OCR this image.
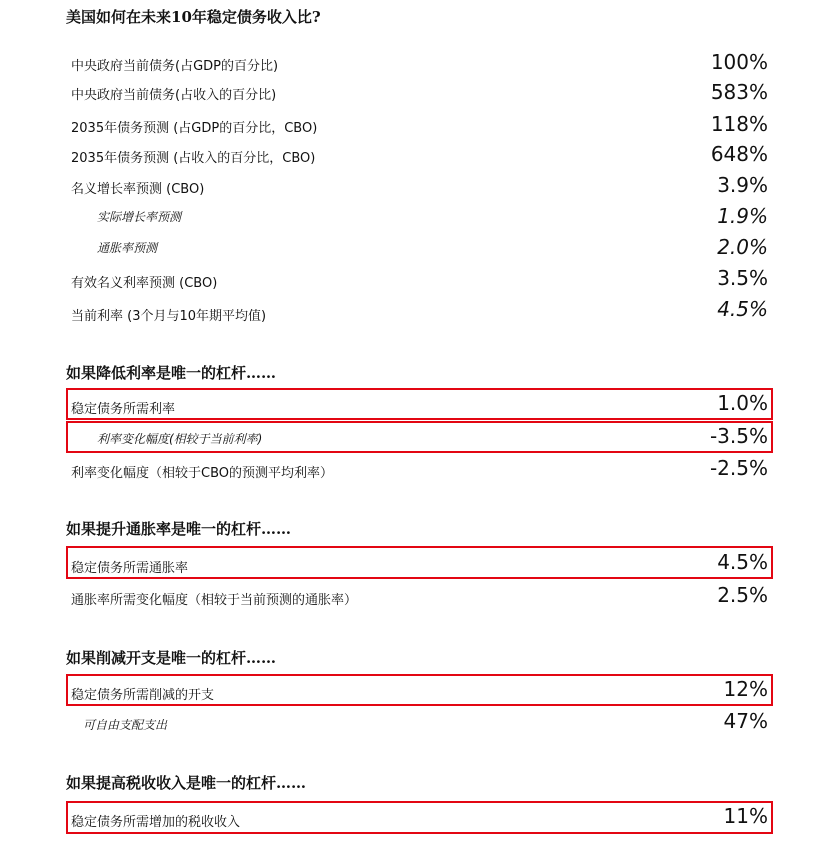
美国如何在未来10年稳定债务收入比?
中央政府当前债务(占GDP的百分比)	100%
中央政府当前债务(占收入的百分比)	583%
2035年债务预测 (占GDP的百分比，CBO)	118%
2035年债务预测 (占收入的百分比，CBO)	648%
名义增长率预测 (CBO)	3.9%
实际增长率预测	1.9%
通胀率预测	2.0%
有效名义利率预测 (CBO)	3.5%
当前利率 (3个月与10年期平均值)	4.5%
如果降低利率是唯一的杠杆……
稳定债务所需利率	1.0%
利率变化幅度(相较于当前利率)	-3.5%
利率变化幅度（相较于CBO的预测平均利率）	-2.5%
如果提升通胀率是唯一的杠杆……
稳定债务所需通胀率	4.5%
通胀率所需变化幅度（相较于当前预测的通胀率）	2.5%
如果削减开支是唯一的杠杆……
稳定债务所需削减的开支	12%
可自由支配支出	47%
如果提高税收收入是唯一的杠杆……
稳定债务所需增加的税收收入	11%
